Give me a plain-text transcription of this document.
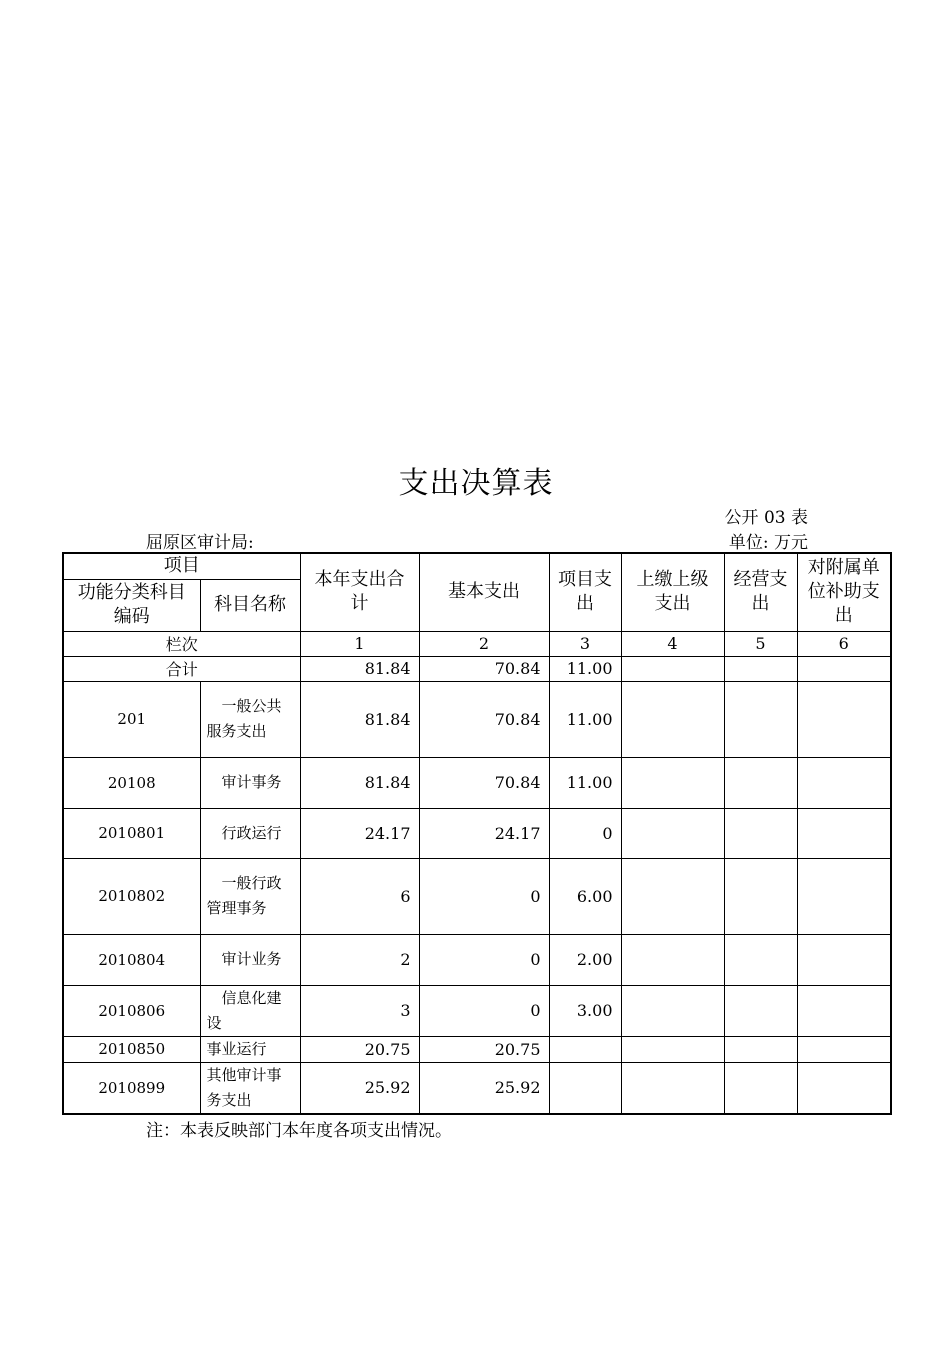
支出决算表
公开 03 表
屈原区审计局:	单位: 万元
项目		本年支出合计	基本支出	项目支出	上缴上级支出	经营支出	对附属单位补助支出
功能分类科目编码	科目名称						
栏次		1	2	3	4	5	6
合计		81.84	70.84	11.00			
201	　一般公共服务支出	81.84	70.84	11.00			
20108	　审计事务	81.84	70.84	11.00			
2010801	　行政运行	24.17	24.17	0			
2010802	　一般行政管理事务	6	0	6.00			
2010804	　审计业务	2	0	2.00			
2010806	　信息化建设	3	0	3.00			
2010850	事业运行	20.75	20.75				
2010899	其他审计事务支出	25.92	25.92				
注：本表反映部门本年度各项支出情况。
